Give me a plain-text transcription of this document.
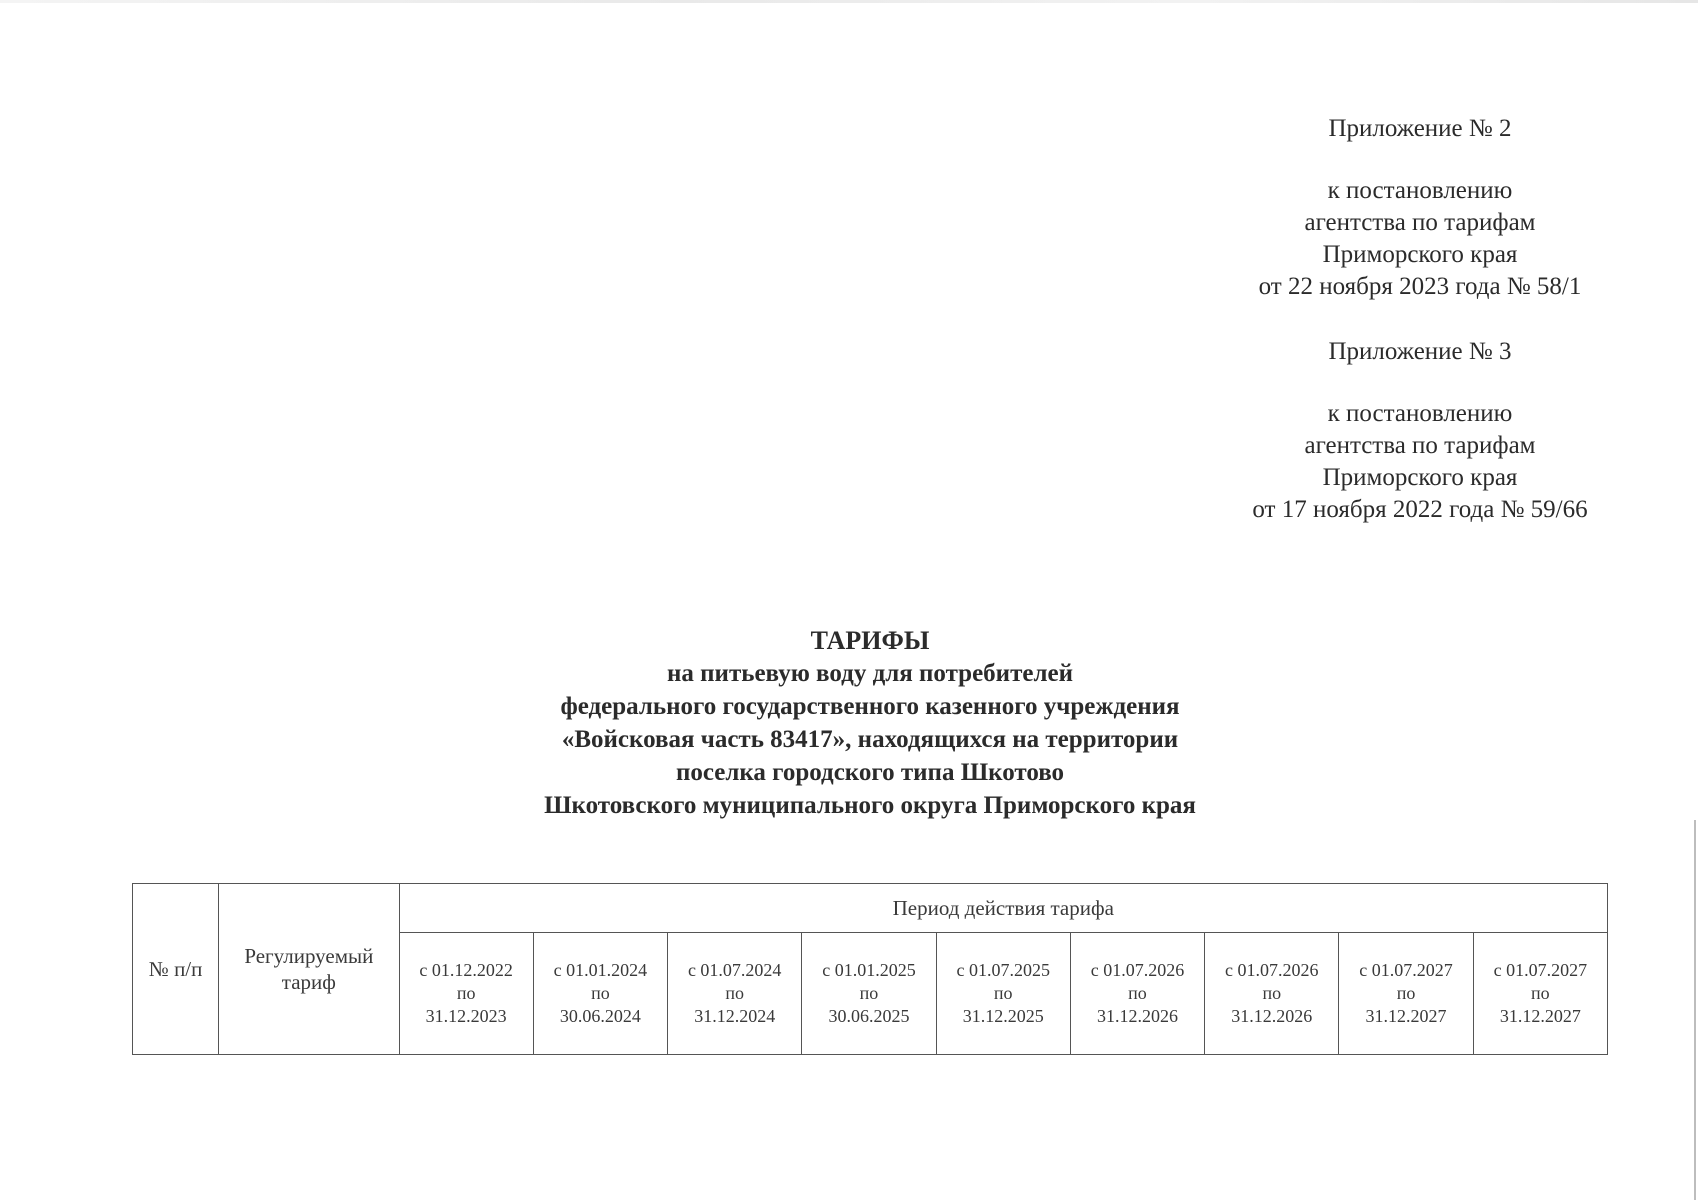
Приложение № 2
к постановлению
агентства по тарифам
Приморского края
от 22 ноября 2023 года № 58/1
Приложение № 3
к постановлению
агентства по тарифам
Приморского края
от 17 ноября 2022 года № 59/66
ТАРИФЫ
на питьевую воду для потребителей
федерального государственного казенного учреждения
«Войсковая часть 83417», находящихся на территории
поселка городского типа Шкотово
Шкотовского муниципального округа Приморского края
№ п/п	Регулируемый тариф	Период действия тарифа								

		с 01.12.2022
по
31.12.2023	с 01.01.2024
по
30.06.2024	с 01.07.2024
по
31.12.2024	с 01.01.2025
по
30.06.2025	с 01.07.2025
по
31.12.2025	с 01.07.2026
по
31.12.2026	с 01.07.2026
по
31.12.2026	с 01.07.2027
по
31.12.2027	с 01.07.2027
по
31.12.2027
